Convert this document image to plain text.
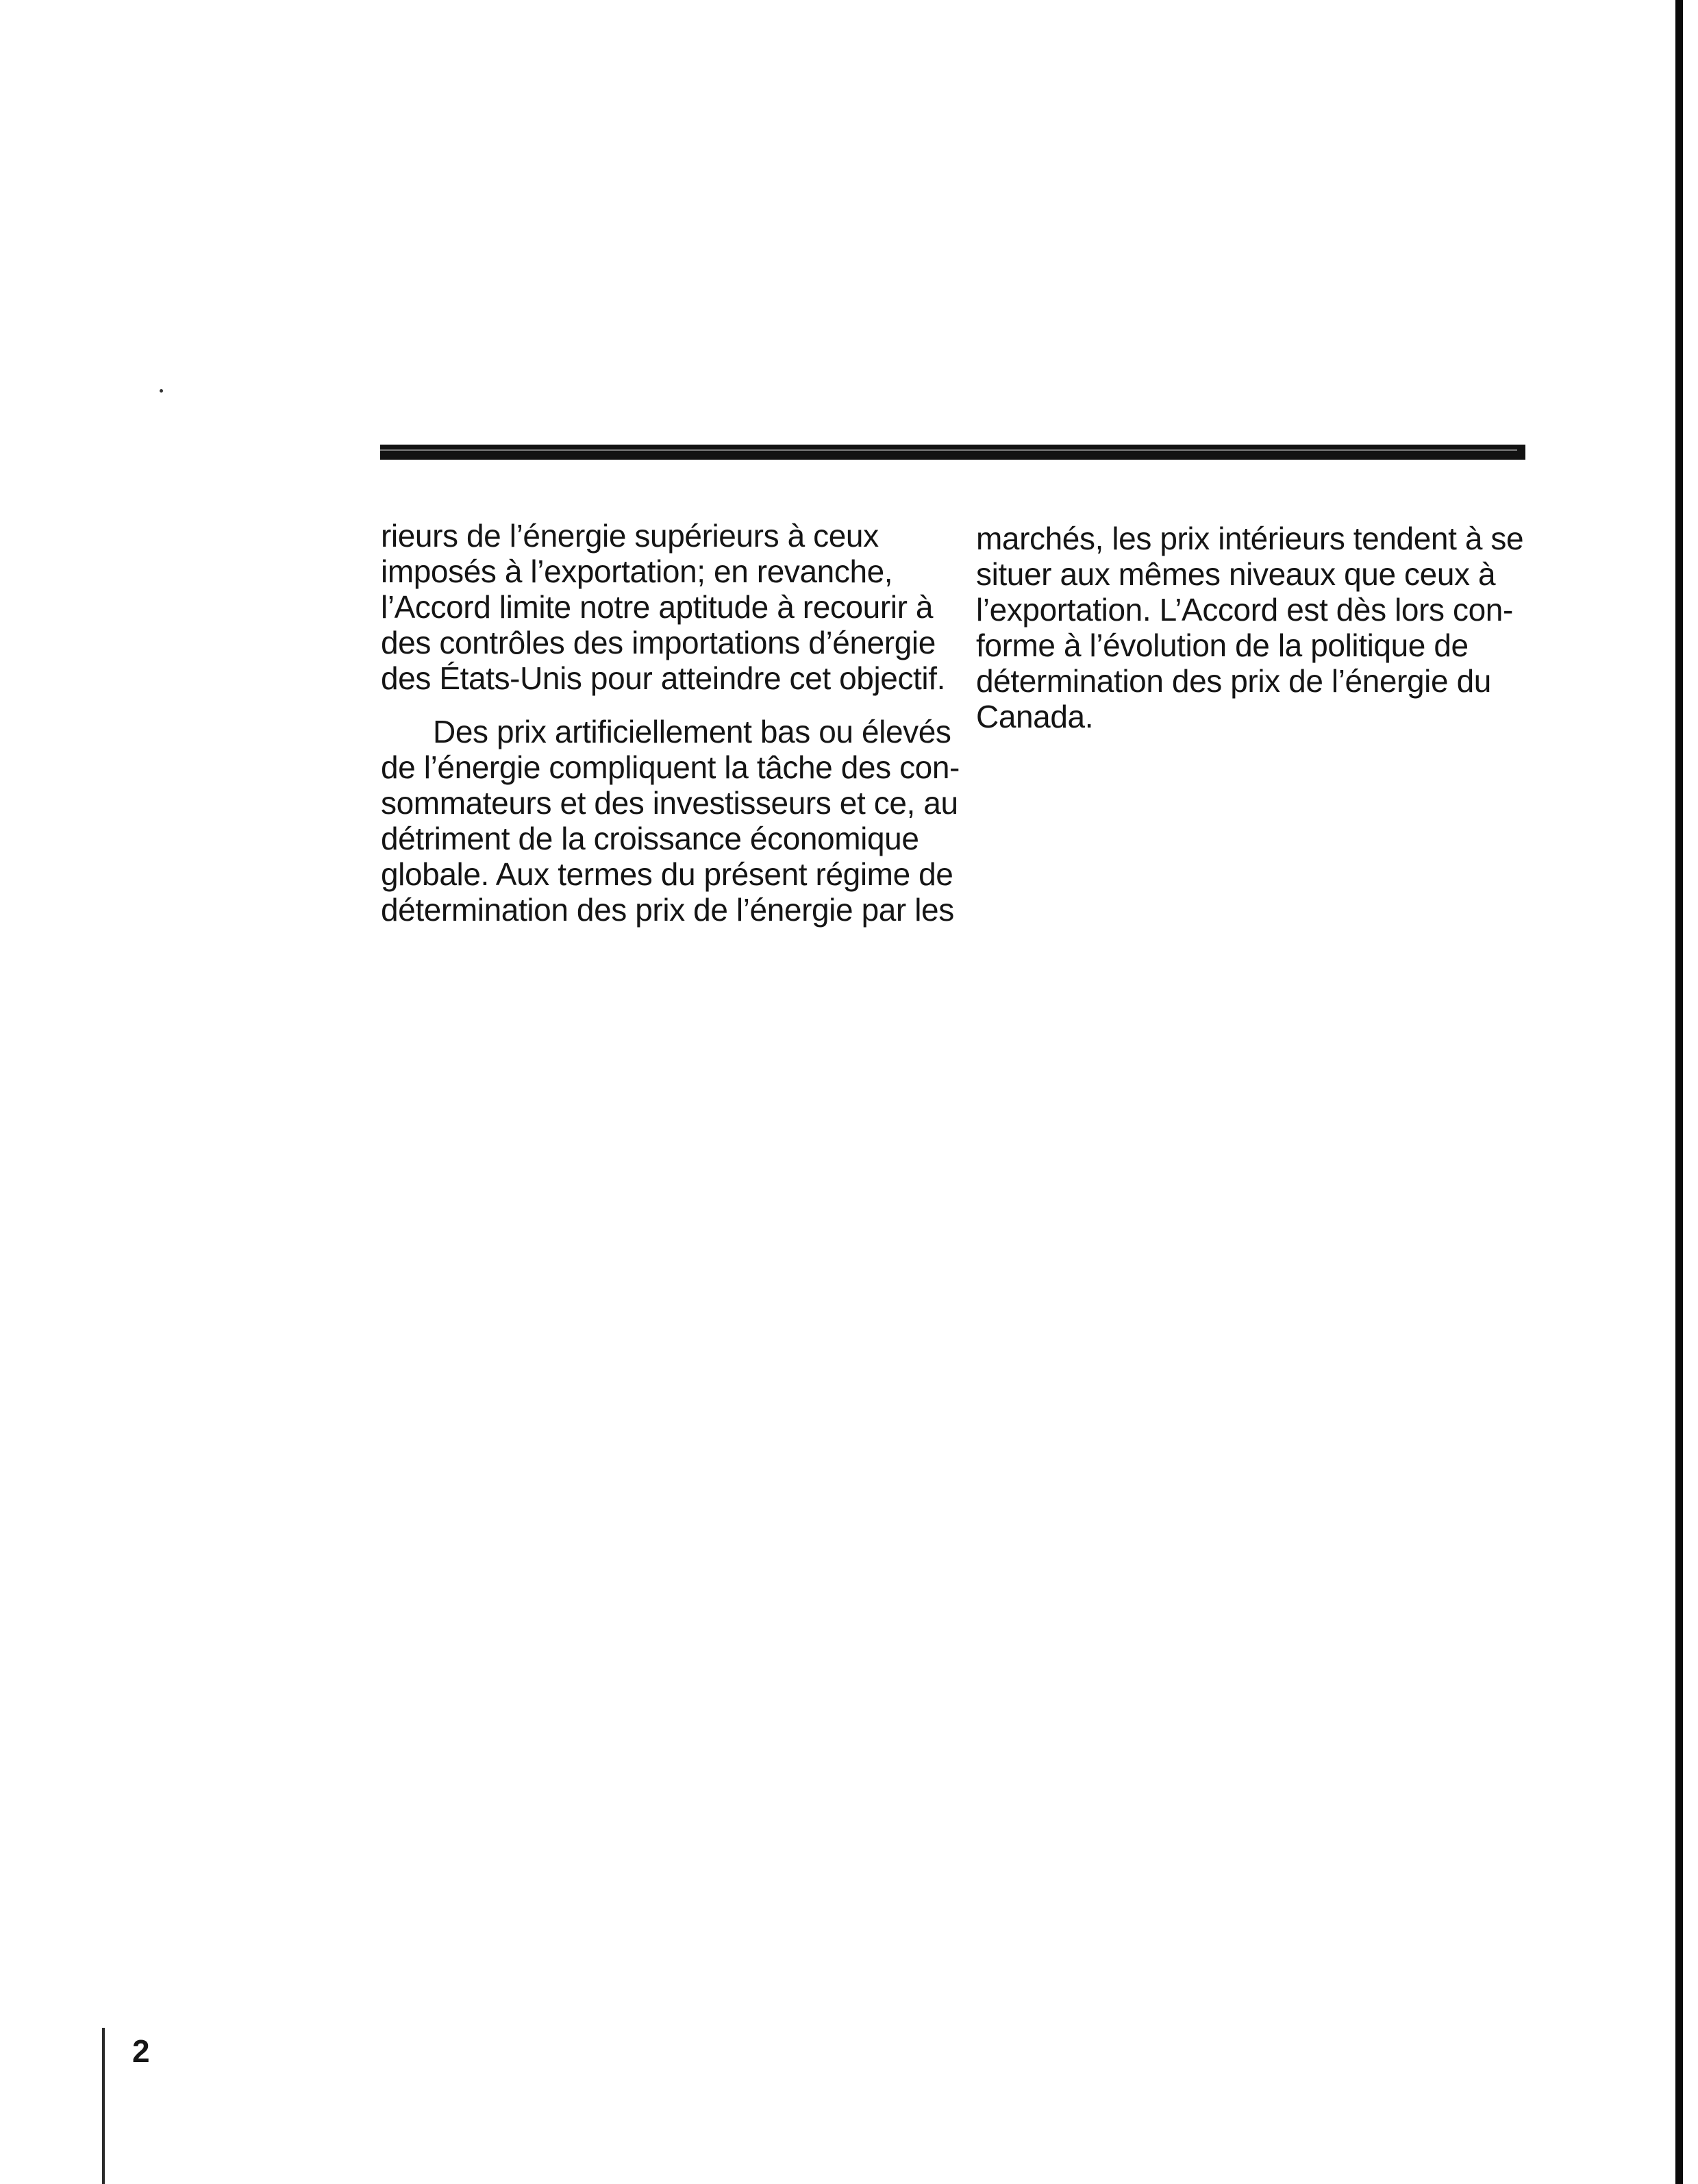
rieurs de l’énergie supérieurs à ceux
imposés à l’exportation; en revanche,
l’Accord limite notre aptitude à recourir à
des contrôles des importations d’énergie
des États-Unis pour atteindre cet objectif.
Des prix artificiellement bas ou élevés
de l’énergie compliquent la tâche des con-
sommateurs et des investisseurs et ce, au
détriment de la croissance économique
globale. Aux termes du présent régime de
détermination des prix de l’énergie par les
marchés, les prix intérieurs tendent à se
situer aux mêmes niveaux que ceux à
l’exportation. L’Accord est dès lors con-
forme à l’évolution de la politique de
détermination des prix de l’énergie du
Canada.
2
